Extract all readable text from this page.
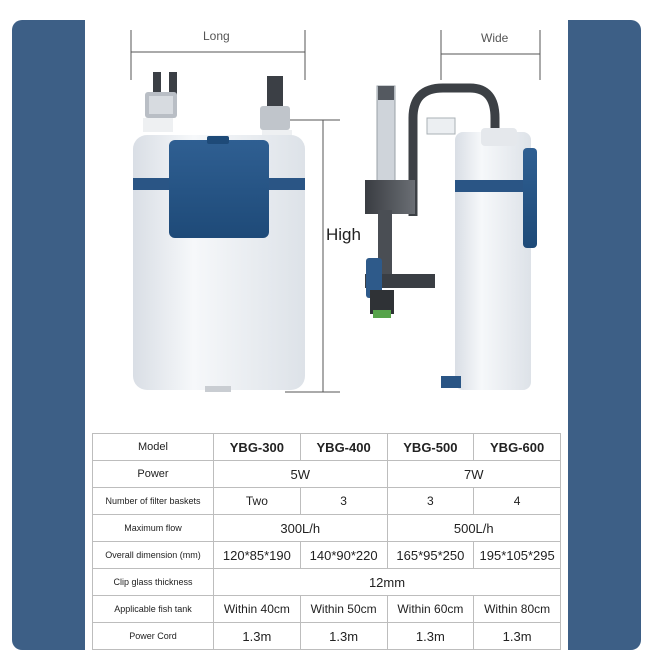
Long	Wide
High
Model	YBG-300	YBG-400	YBG-500	YBG-600
Power	5W		7W	
Number of filter baskets	Two	3	3	4
Maximum flow	300L/h		500L/h	
Overall dimension (mm)	120*85*190	140*90*220	165*95*250	195*105*295
Clip glass thickness	12mm			
Applicable fish tank	Within 40cm	Within 50cm	Within 60cm	Within 80cm
Power Cord	1.3m	1.3m	1.3m	1.3m
